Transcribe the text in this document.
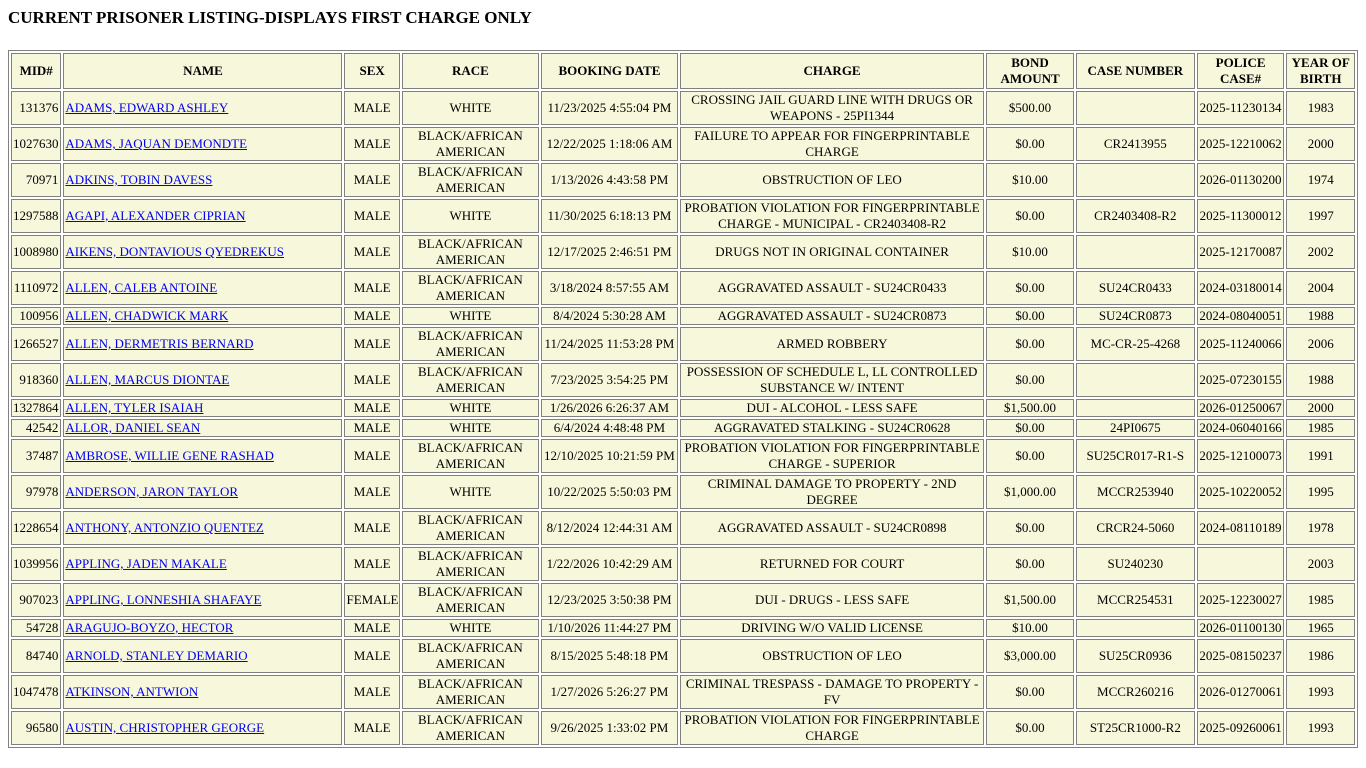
CURRENT PRISONER LISTING-DISPLAYS FIRST CHARGE ONLY
MID#	NAME	SEX	RACE	BOOKING DATE	CHARGE	BOND AMOUNT	CASE NUMBER	POLICE CASE#	YEAR OF BIRTH
131376	ADAMS, EDWARD ASHLEY	MALE	WHITE	11/23/2025 4:55:04 PM	CROSSING JAIL GUARD LINE WITH DRUGS OR WEAPONS - 25PI1344	$500.00		2025-11230134	1983
1027630	ADAMS, JAQUAN DEMONDTE	MALE	BLACK/AFRICAN AMERICAN	12/22/2025 1:18:06 AM	FAILURE TO APPEAR FOR FINGERPRINTABLE CHARGE	$0.00	CR2413955	2025-12210062	2000
70971	ADKINS, TOBIN DAVESS	MALE	BLACK/AFRICAN AMERICAN	1/13/2026 4:43:58 PM	OBSTRUCTION OF LEO	$10.00		2026-01130200	1974
1297588	AGAPI, ALEXANDER CIPRIAN	MALE	WHITE	11/30/2025 6:18:13 PM	PROBATION VIOLATION FOR FINGERPRINTABLE CHARGE - MUNICIPAL - CR2403408-R2	$0.00	CR2403408-R2	2025-11300012	1997
1008980	AIKENS, DONTAVIOUS QYEDREKUS	MALE	BLACK/AFRICAN AMERICAN	12/17/2025 2:46:51 PM	DRUGS NOT IN ORIGINAL CONTAINER	$10.00		2025-12170087	2002
1110972	ALLEN, CALEB ANTOINE	MALE	BLACK/AFRICAN AMERICAN	3/18/2024 8:57:55 AM	AGGRAVATED ASSAULT - SU24CR0433	$0.00	SU24CR0433	2024-03180014	2004
100956	ALLEN, CHADWICK MARK	MALE	WHITE	8/4/2024 5:30:28 AM	AGGRAVATED ASSAULT - SU24CR0873	$0.00	SU24CR0873	2024-08040051	1988
1266527	ALLEN, DERMETRIS BERNARD	MALE	BLACK/AFRICAN AMERICAN	11/24/2025 11:53:28 PM	ARMED ROBBERY	$0.00	MC-CR-25-4268	2025-11240066	2006
918360	ALLEN, MARCUS DIONTAE	MALE	BLACK/AFRICAN AMERICAN	7/23/2025 3:54:25 PM	POSSESSION OF SCHEDULE L, LL CONTROLLED SUBSTANCE W/ INTENT	$0.00		2025-07230155	1988
1327864	ALLEN, TYLER ISAIAH	MALE	WHITE	1/26/2026 6:26:37 AM	DUI - ALCOHOL - LESS SAFE	$1,500.00		2026-01250067	2000
42542	ALLOR, DANIEL SEAN	MALE	WHITE	6/4/2024 4:48:48 PM	AGGRAVATED STALKING - SU24CR0628	$0.00	24PI0675	2024-06040166	1985
37487	AMBROSE, WILLIE GENE RASHAD	MALE	BLACK/AFRICAN AMERICAN	12/10/2025 10:21:59 PM	PROBATION VIOLATION FOR FINGERPRINTABLE CHARGE - SUPERIOR	$0.00	SU25CR017-R1-S	2025-12100073	1991
97978	ANDERSON, JARON TAYLOR	MALE	WHITE	10/22/2025 5:50:03 PM	CRIMINAL DAMAGE TO PROPERTY - 2ND DEGREE	$1,000.00	MCCR253940	2025-10220052	1995
1228654	ANTHONY, ANTONZIO QUENTEZ	MALE	BLACK/AFRICAN AMERICAN	8/12/2024 12:44:31 AM	AGGRAVATED ASSAULT - SU24CR0898	$0.00	CRCR24-5060	2024-08110189	1978
1039956	APPLING, JADEN MAKALE	MALE	BLACK/AFRICAN AMERICAN	1/22/2026 10:42:29 AM	RETURNED FOR COURT	$0.00	SU240230		2003
907023	APPLING, LONNESHIA SHAFAYE	FEMALE	BLACK/AFRICAN AMERICAN	12/23/2025 3:50:38 PM	DUI - DRUGS - LESS SAFE	$1,500.00	MCCR254531	2025-12230027	1985
54728	ARAGUJO-BOYZO, HECTOR	MALE	WHITE	1/10/2026 11:44:27 PM	DRIVING W/O VALID LICENSE	$10.00		2026-01100130	1965
84740	ARNOLD, STANLEY DEMARIO	MALE	BLACK/AFRICAN AMERICAN	8/15/2025 5:48:18 PM	OBSTRUCTION OF LEO	$3,000.00	SU25CR0936	2025-08150237	1986
1047478	ATKINSON, ANTWION	MALE	BLACK/AFRICAN AMERICAN	1/27/2026 5:26:27 PM	CRIMINAL TRESPASS - DAMAGE TO PROPERTY - FV	$0.00	MCCR260216	2026-01270061	1993
96580	AUSTIN, CHRISTOPHER GEORGE	MALE	BLACK/AFRICAN AMERICAN	9/26/2025 1:33:02 PM	PROBATION VIOLATION FOR FINGERPRINTABLE CHARGE	$0.00	ST25CR1000-R2	2025-09260061	1993
